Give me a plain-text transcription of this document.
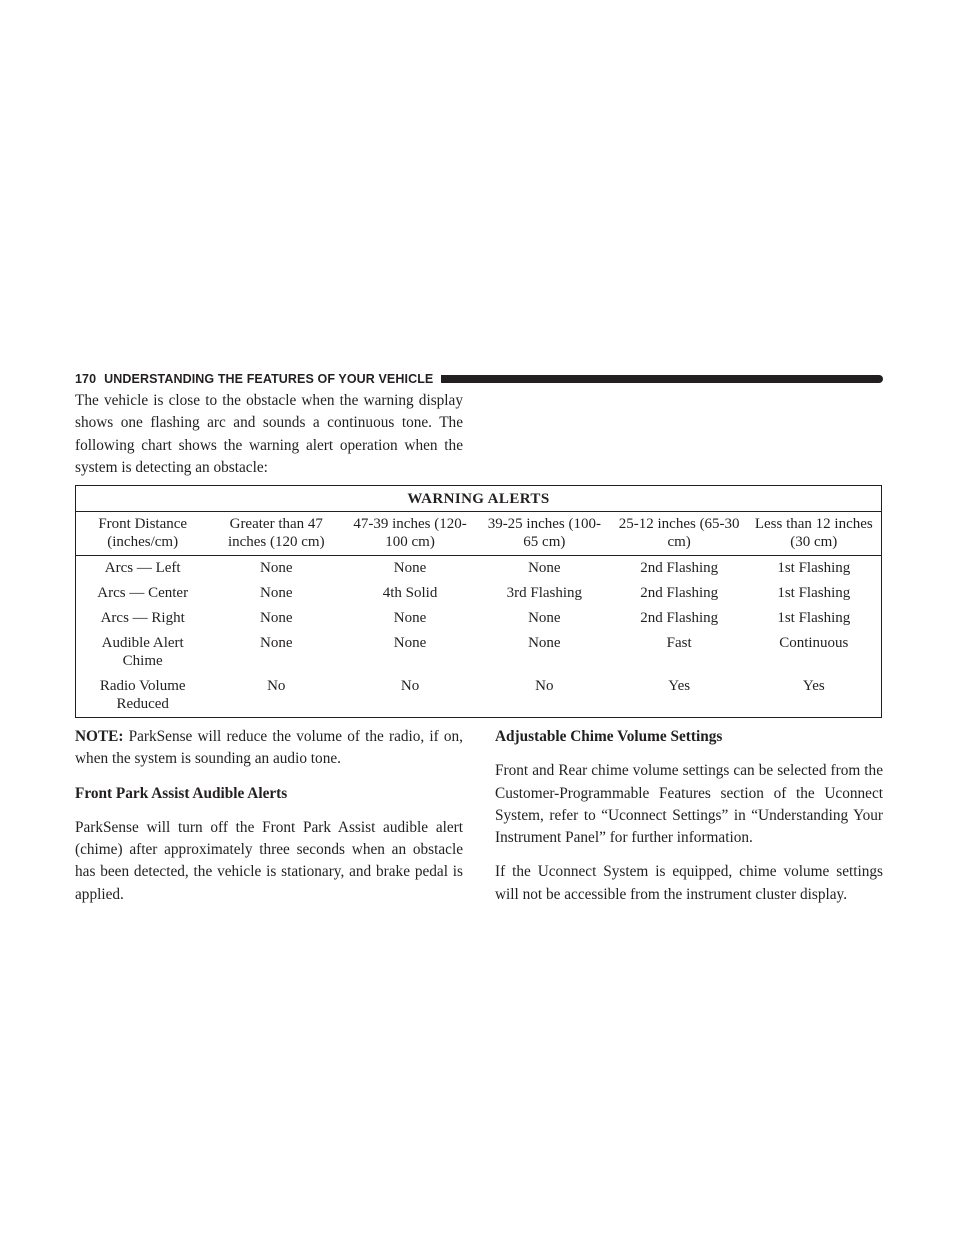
170 UNDERSTANDING THE FEATURES OF YOUR VEHICLE

The vehicle is close to the obstacle when the warning display shows one flashing arc and sounds a continuous tone. The following chart shows the warning alert operation when the system is detecting an obstacle:

WARNING ALERTS					
Front Distance (inches/cm)	Greater than 47 inches (120 cm)	47-39 inches (120-100 cm)	39-25 inches (100-65 cm)	25-12 inches (65-30 cm)	Less than 12 inches (30 cm)
Arcs — Left	None	None	None	2nd Flashing	1st Flashing
Arcs — Center	None	4th Solid	3rd Flashing	2nd Flashing	1st Flashing
Arcs — Right	None	None	None	2nd Flashing	1st Flashing
Audible Alert Chime	None	None	None	Fast	Continuous
Radio Volume Reduced	No	No	No	Yes	Yes

NOTE: ParkSense will reduce the volume of the radio, if on, when the system is sounding an audio tone.

Front Park Assist Audible Alerts

ParkSense will turn off the Front Park Assist audible alert (chime) after approximately three seconds when an obstacle has been detected, the vehicle is stationary, and brake pedal is applied.

Adjustable Chime Volume Settings

Front and Rear chime volume settings can be selected from the Customer-Programmable Features section of the Uconnect System, refer to “Uconnect Settings” in “Understanding Your Instrument Panel” for further information.

If the Uconnect System is equipped, chime volume settings will not be accessible from the instrument cluster display.
